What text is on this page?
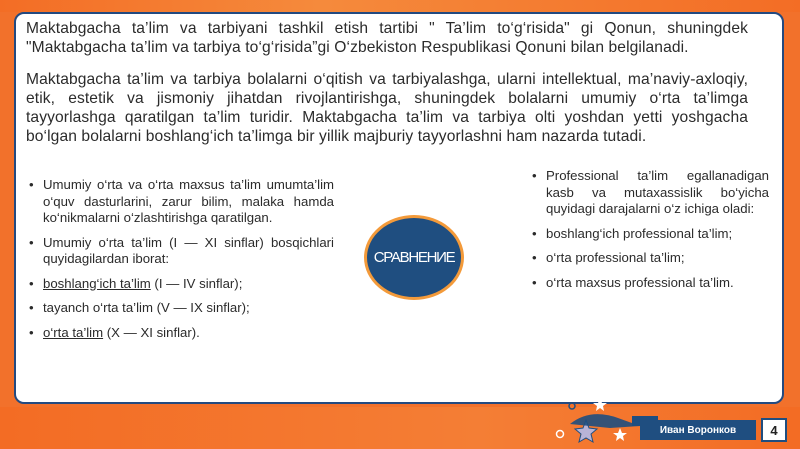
Maktabgacha ta’lim va tarbiyani tashkil etish tartibi " Ta’lim to‘g‘risida" gi Qonun, shuningdek "Maktabgacha ta’lim va tarbiya to‘g‘risida”gi O‘zbekiston Respublikasi Qonuni bilan belgilanadi.

Maktabgacha ta’lim va tarbiya bolalarni o‘qitish va tarbiyalashga, ularni intellektual, ma’naviy-axloqiy, etik, estetik va jismoniy jihatdan rivojlantirishga, shuningdek bolalarni umumiy o‘rta ta’limga tayyorlashga qaratilgan ta’lim turidir. Maktabgacha ta’lim va tarbiya olti yoshdan yetti yoshgacha bo‘lgan bolalarni boshlang‘ich ta’limga bir yillik majburiy tayyorlashni ham nazarda tutadi.

• Umumiy o‘rta va o‘rta maxsus ta’lim umumta’lim o‘quv dasturlarini, zarur bilim, malaka hamda ko‘nikmalarni o‘zlashtirishga qaratilgan.
• Umumiy o‘rta ta’lim (I — XI sinflar) bosqichlari quyidagilardan iborat:
• boshlang‘ich ta’lim (I — IV sinflar);
• tayanch o‘rta ta’lim (V — IX sinflar);
• o‘rta ta’lim (X — XI sinflar).
СРАВНЕНИЕ
• Professional ta’lim egallanadigan kasb va mutaxassislik bo‘yicha quyidagi darajalarni o‘z ichiga oladi:
• boshlang‘ich professional ta’lim;
• o‘rta professional ta’lim;
• o‘rta maxsus professional ta’lim.
Иван Воронков	4
